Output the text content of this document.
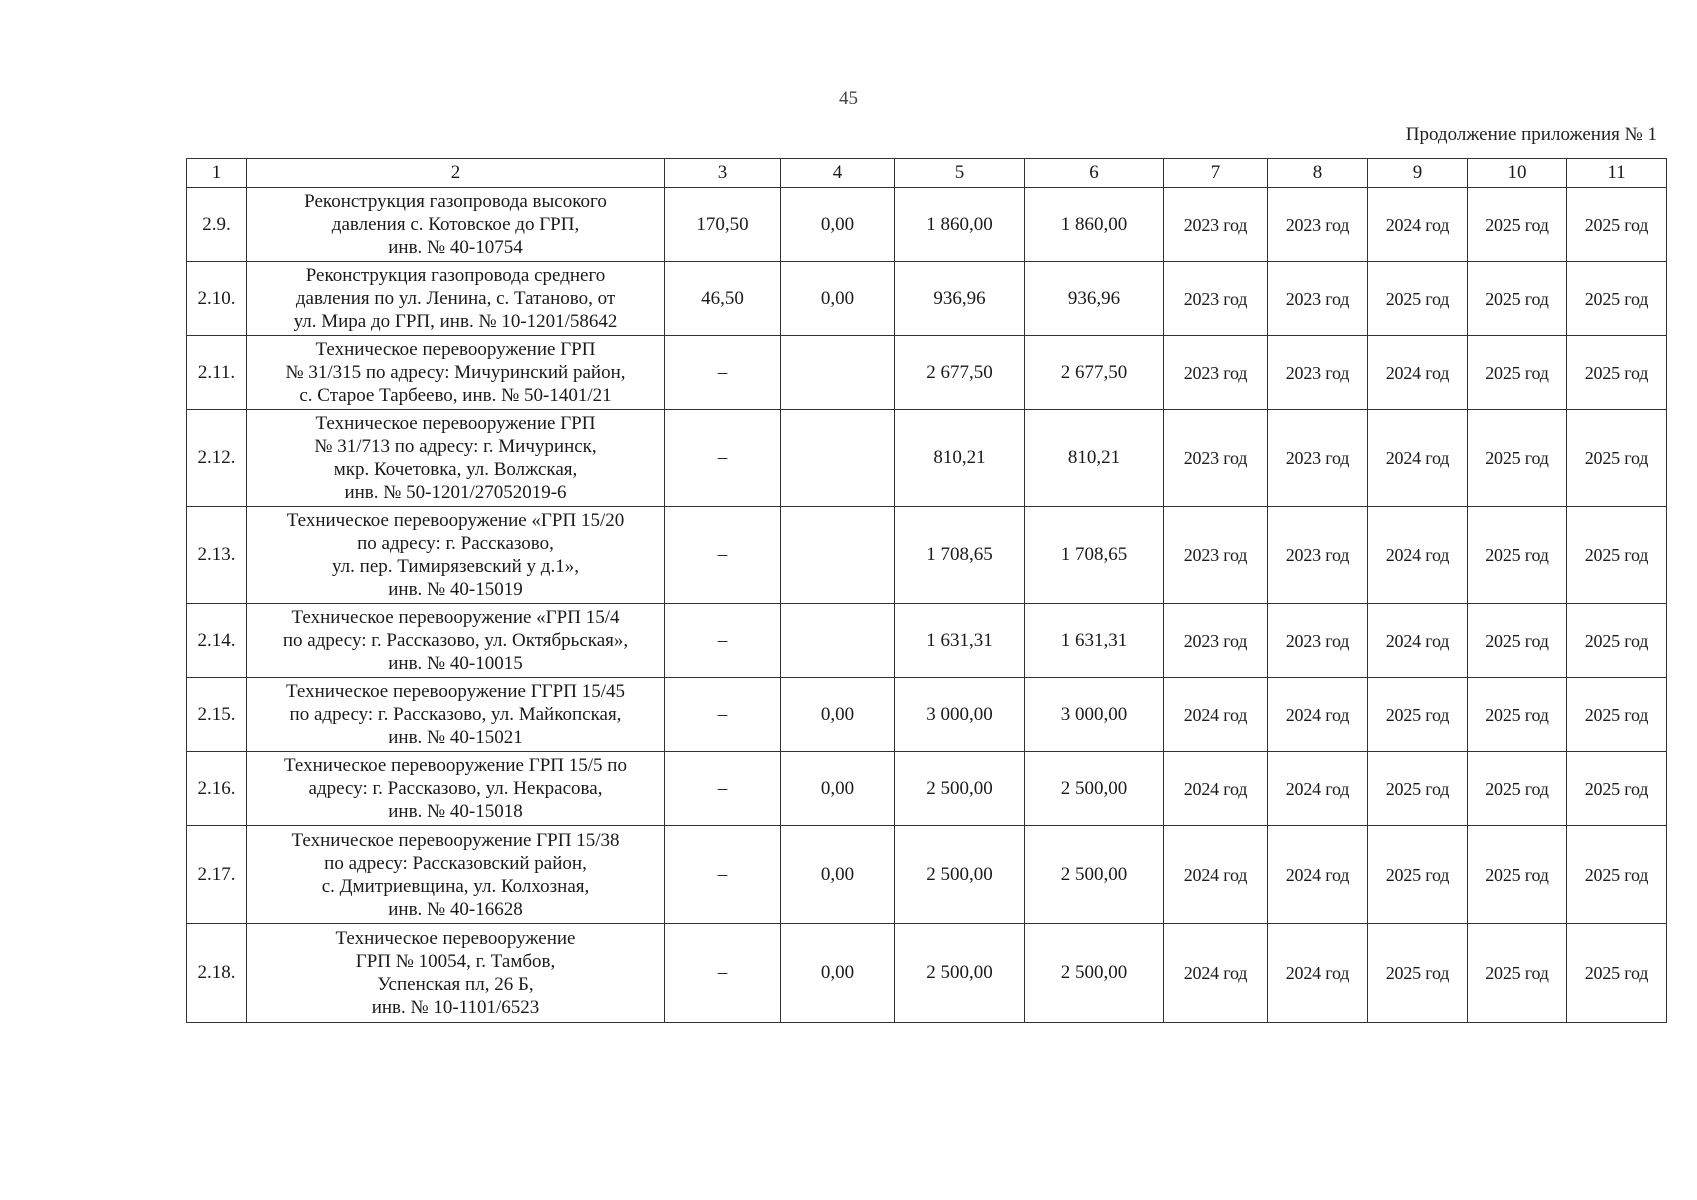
45
Продолжение приложения № 1
1	2	3	4	5	6	7	8	9	10	11
2.9.	Реконструкция газопровода высокого
давления с. Котовское до ГРП,
инв. № 40-10754	170,50	0,00	1 860,00	1 860,00	2023 год	2023 год	2024 год	2025 год	2025 год
2.10.	Реконструкция газопровода среднего
давления по ул. Ленина, с. Татаново, от
ул. Мира до ГРП, инв. № 10-1201/58642	46,50	0,00	936,96	936,96	2023 год	2023 год	2025 год	2025 год	2025 год
2.11.	Техническое перевооружение ГРП
№ 31/315 по адресу: Мичуринский район,
с. Старое Тарбеево, инв. № 50-1401/21	–		2 677,50	2 677,50	2023 год	2023 год	2024 год	2025 год	2025 год
2.12.	Техническое перевооружение ГРП
№ 31/713 по адресу: г. Мичуринск,
мкр. Кочетовка, ул. Волжская,
инв. № 50-1201/27052019-6	–		810,21	810,21	2023 год	2023 год	2024 год	2025 год	2025 год
2.13.	Техническое перевооружение «ГРП 15/20
по адресу: г. Рассказово,
ул. пер. Тимирязевский у д.1»,
инв. № 40-15019	–		1 708,65	1 708,65	2023 год	2023 год	2024 год	2025 год	2025 год
2.14.	Техническое перевооружение «ГРП 15/4
по адресу: г. Рассказово, ул. Октябрьская»,
инв. № 40-10015	–		1 631,31	1 631,31	2023 год	2023 год	2024 год	2025 год	2025 год
2.15.	Техническое перевооружение ГГРП 15/45
по адресу: г. Рассказово, ул. Майкопская,
инв. № 40-15021	–	0,00	3 000,00	3 000,00	2024 год	2024 год	2025 год	2025 год	2025 год
2.16.	Техническое перевооружение ГРП 15/5 по
адресу: г. Рассказово, ул. Некрасова,
инв. № 40-15018	–	0,00	2 500,00	2 500,00	2024 год	2024 год	2025 год	2025 год	2025 год
2.17.	Техническое перевооружение ГРП 15/38
по адресу: Рассказовский район,
с. Дмитриевщина, ул. Колхозная,
инв. № 40-16628	–	0,00	2 500,00	2 500,00	2024 год	2024 год	2025 год	2025 год	2025 год
2.18.	Техническое перевооружение
ГРП № 10054, г. Тамбов,
Успенская пл, 26 Б,
инв. № 10-1101/6523	–	0,00	2 500,00	2 500,00	2024 год	2024 год	2025 год	2025 год	2025 год
